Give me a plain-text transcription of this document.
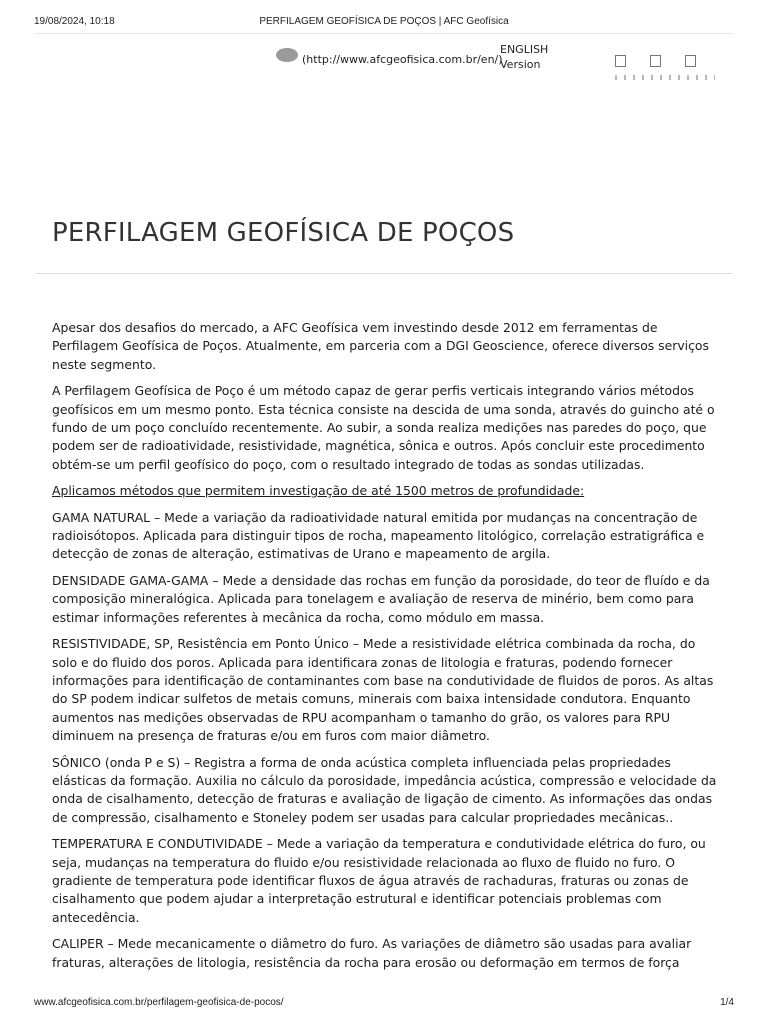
19/08/2024, 10:18	PERFILAGEM GEOFÍSICA DE POÇOS | AFC Geofísica
(http://www.afcgeofisica.com.br/en/)
ENGLISH
Version
PERFILAGEM GEOFÍSICA DE POÇOS

Apesar dos desafios do mercado, a AFC Geofísica vem investindo desde 2012 em ferramentas de Perfilagem Geofísica de Poços. Atualmente, em parceria com a DGI Geoscience, oferece diversos serviços neste segmento.

A Perfilagem Geofísica de Poço é um método capaz de gerar perfis verticais integrando vários métodos geofísicos em um mesmo ponto. Esta técnica consiste na descida de uma sonda, através do guincho até o fundo de um poço concluído recentemente. Ao subir, a sonda realiza medições nas paredes do poço, que podem ser de radioatividade, resistividade, magnética, sônica e outros. Após concluir este procedimento obtém-se um perfil geofísico do poço, com o resultado integrado de todas as sondas utilizadas.

Aplicamos métodos que permitem investigação de até 1500 metros de profundidade:

GAMA NATURAL – Mede a variação da radioatividade natural emitida por mudanças na concentração de radioisótopos. Aplicada para distinguir tipos de rocha, mapeamento litológico, correlação estratigráfica e detecção de zonas de alteração, estimativas de Urano e mapeamento de argila.

DENSIDADE GAMA-GAMA – Mede a densidade das rochas em função da porosidade, do teor de fluído e da composição mineralógica. Aplicada para tonelagem e avaliação de reserva de minério, bem como para estimar informações referentes à mecânica da rocha, como módulo em massa.

RESISTIVIDADE, SP, Resistência em Ponto Único – Mede a resistividade elétrica combinada da rocha, do solo e do fluido dos poros. Aplicada para identificara zonas de litologia e fraturas, podendo fornecer informações para identificação de contaminantes com base na condutividade de fluidos de poros. As altas do SP podem indicar sulfetos de metais comuns, minerais com baixa intensidade condutora. Enquanto aumentos nas medições observadas de RPU acompanham o tamanho do grão, os valores para RPU diminuem na presença de fraturas e/ou em furos com maior diâmetro.

SÔNICO (onda P e S) – Registra a forma de onda acústica completa influenciada pelas propriedades elásticas da formação. Auxilia no cálculo da porosidade, impedância acústica, compressão e velocidade da onda de cisalhamento, detecção de fraturas e avaliação de ligação de cimento. As informações das ondas de compressão, cisalhamento e Stoneley podem ser usadas para calcular propriedades mecânicas..

TEMPERATURA E CONDUTIVIDADE – Mede a variação da temperatura e condutividade elétrica do furo, ou seja, mudanças na temperatura do fluido e/ou resistividade relacionada ao fluxo de fluido no furo. O gradiente de temperatura pode identificar fluxos de água através de rachaduras, fraturas ou zonas de cisalhamento que podem ajudar a interpretação estrutural e identificar potenciais problemas com antecedência.

CALIPER – Mede mecanicamente o diâmetro do furo. As variações de diâmetro são usadas para avaliar fraturas, alterações de litologia, resistência da rocha para erosão ou deformação em termos de força

www.afcgeofisica.com.br/perfilagem-geofisica-de-pocos/	1/4
